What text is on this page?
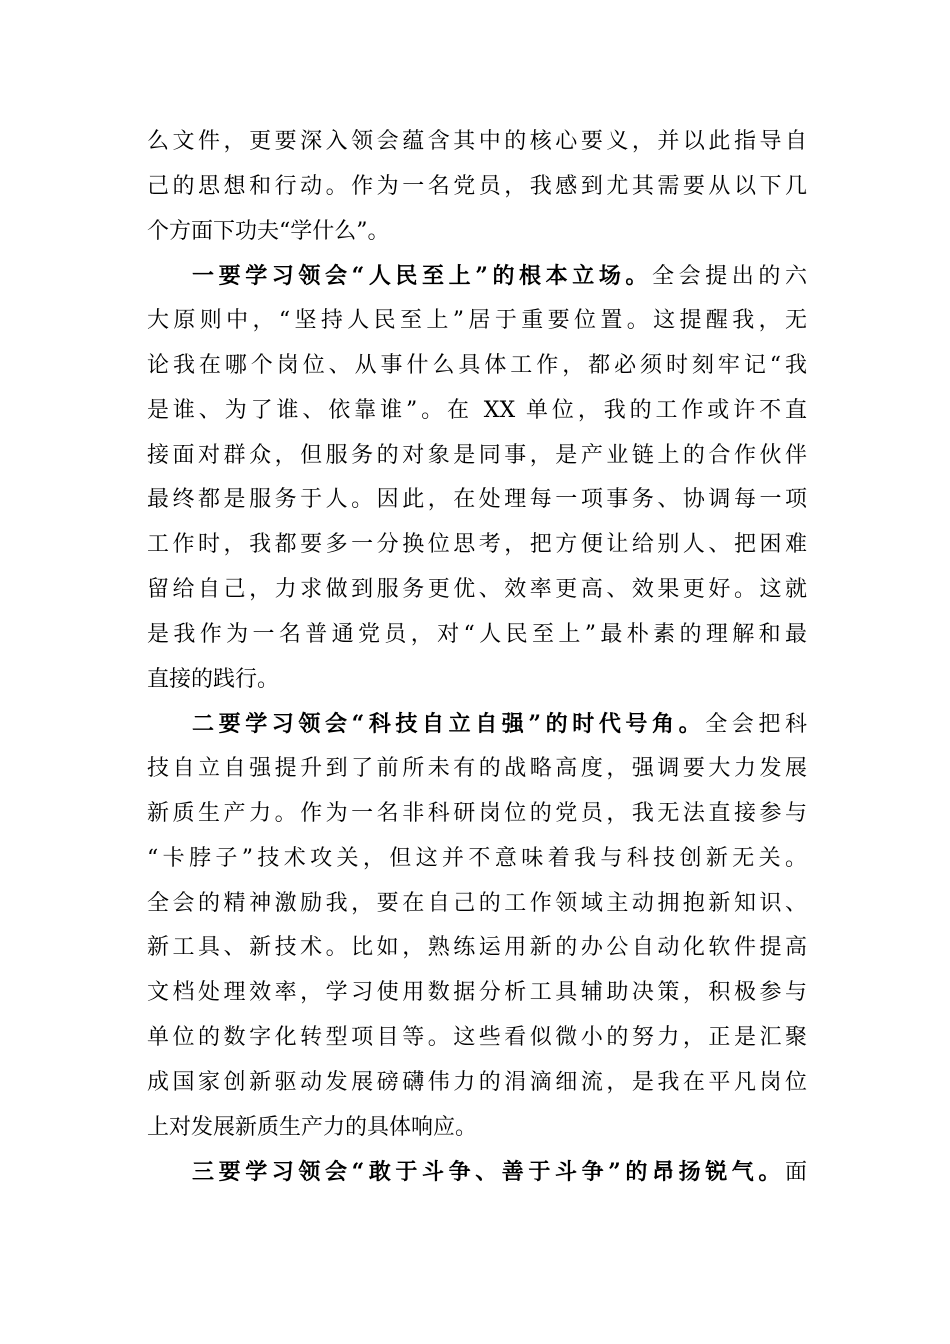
么文件，更要深入领会蕴含其中的核心要义，并以此指导自
己的思想和行动。作为一名党员，我感到尤其需要从以下几
个方面下功夫“学什么”。
一要学习领会“人民至上”的根本立场。全会提出的六
大原则中，“坚持人民至上”居于重要位置。这提醒我，无
论我在哪个岗位、从事什么具体工作，都必须时刻牢记“我
是谁、为了谁、依靠谁”。在 XX 单位，我的工作或许不直
接面对群众，但服务的对象是同事，是产业链上的合作伙伴
最终都是服务于人。因此，在处理每一项事务、协调每一项
工作时，我都要多一分换位思考，把方便让给别人、把困难
留给自己，力求做到服务更优、效率更高、效果更好。这就
是我作为一名普通党员，对“人民至上”最朴素的理解和最
直接的践行。
二要学习领会“科技自立自强”的时代号角。全会把科
技自立自强提升到了前所未有的战略高度，强调要大力发展
新质生产力。作为一名非科研岗位的党员，我无法直接参与
“卡脖子”技术攻关，但这并不意味着我与科技创新无关。
全会的精神激励我，要在自己的工作领域主动拥抱新知识、
新工具、新技术。比如，熟练运用新的办公自动化软件提高
文档处理效率，学习使用数据分析工具辅助决策，积极参与
单位的数字化转型项目等。这些看似微小的努力，正是汇聚
成国家创新驱动发展磅礴伟力的涓滴细流，是我在平凡岗位
上对发展新质生产力的具体响应。
三要学习领会“敢于斗争、善于斗争”的昂扬锐气。面
